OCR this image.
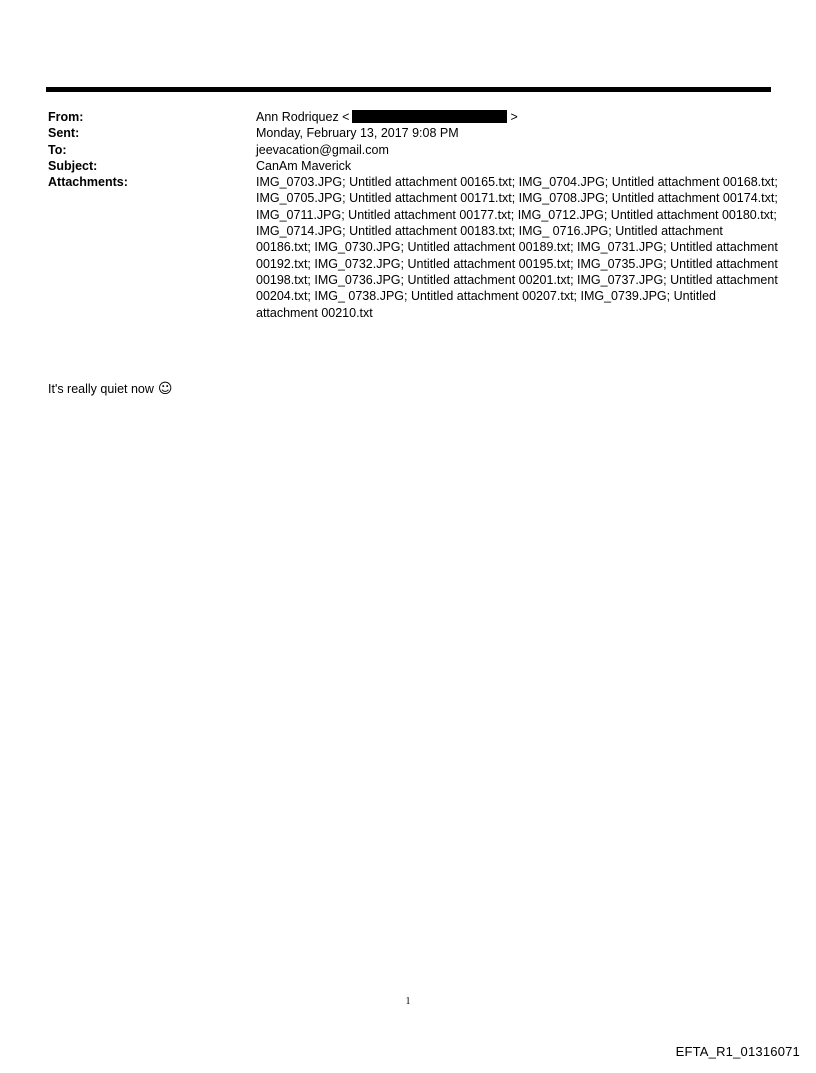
From:	Ann Rodriquez <	>
Sent:	Monday, February 13, 2017 9:08 PM
To:	jeevacation@gmail.com
Subject:	CanAm Maverick
Attachments:	IMG_0703.JPG; Untitled attachment 00165.txt; IMG_0704.JPG; Untitled attachment 00168.txt; IMG_0705.JPG; Untitled attachment 00171.txt; IMG_0708.JPG; Untitled attachment 00174.txt; IMG_0711.JPG; Untitled attachment 00177.txt; IMG_0712.JPG; Untitled attachment 00180.txt; IMG_0714.JPG; Untitled attachment 00183.txt; IMG_ 0716.JPG; Untitled attachment 00186.txt; IMG_0730.JPG; Untitled attachment 00189.txt; IMG_0731.JPG; Untitled attachment 00192.txt; IMG_0732.JPG; Untitled attachment 00195.txt; IMG_0735.JPG; Untitled attachment 00198.txt; IMG_0736.JPG; Untitled attachment 00201.txt; IMG_0737.JPG; Untitled attachment 00204.txt; IMG_ 0738.JPG; Untitled attachment 00207.txt; IMG_0739.JPG; Untitled attachment 00210.txt
It's really quiet now ☺
1
EFTA_R1_01316071
